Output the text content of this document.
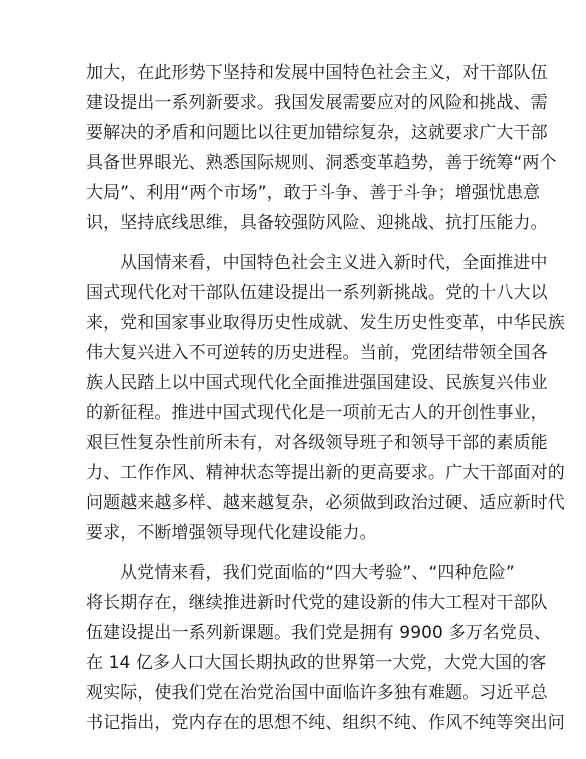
加大，在此形势下坚持和发展中国特色社会主义，对干部队伍
建设提出一系列新要求。我国发展需要应对的风险和挑战、需
要解决的矛盾和问题比以往更加错综复杂，这就要求广大干部
具备世界眼光、熟悉国际规则、洞悉变革趋势，善于统筹“两个
大局”、利用“两个市场”，敢于斗争、善于斗争；增强忧患意
识，坚持底线思维，具备较强防风险、迎挑战、抗打压能力。
从国情来看，中国特色社会主义进入新时代，全面推进中
国式现代化对干部队伍建设提出一系列新挑战。党的十八大以
来，党和国家事业取得历史性成就、发生历史性变革，中华民族
伟大复兴进入不可逆转的历史进程。当前，党团结带领全国各
族人民踏上以中国式现代化全面推进强国建设、民族复兴伟业
的新征程。推进中国式现代化是一项前无古人的开创性事业，
艰巨性复杂性前所未有，对各级领导班子和领导干部的素质能
力、工作作风、精神状态等提出新的更高要求。广大干部面对的
问题越来越多样、越来越复杂，必须做到政治过硬、适应新时代
要求，不断增强领导现代化建设能力。
从党情来看，我们党面临的“四大考验”、“四种危险”
将长期存在，继续推进新时代党的建设新的伟大工程对干部队
伍建设提出一系列新课题。我们党是拥有 9900 多万名党员、
在 14 亿多人口大国长期执政的世界第一大党，大党大国的客
观实际，使我们党在治党治国中面临许多独有难题。习近平总
书记指出，党内存在的思想不纯、组织不纯、作风不纯等突出问
